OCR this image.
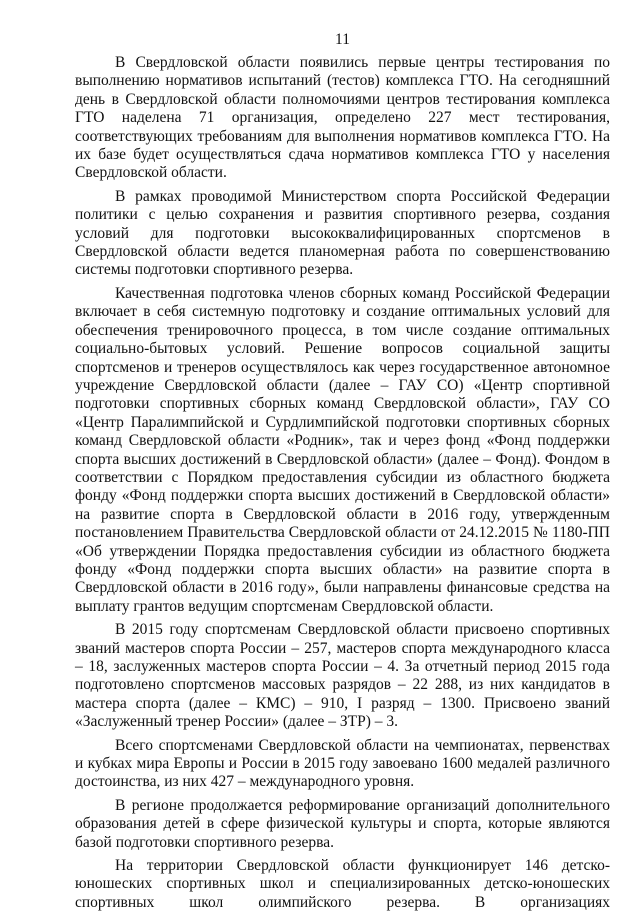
11

В Свердловской области появились первые центры тестирования по выполнению нормативов испытаний (тестов) комплекса ГТО. На сегодняшний день в Свердловской области полномочиями центров тестирования комплекса ГТО наделена 71 организация, определено 227 мест тестирования, соответствующих требованиям для выполнения нормативов комплекса ГТО. На их базе будет осуществляться сдача нормативов комплекса ГТО у населения Свердловской области.

В рамках проводимой Министерством спорта Российской Федерации политики с целью сохранения и развития спортивного резерва, создания условий для подготовки высококвалифицированных спортсменов в Свердловской области ведется планомерная работа по совершенствованию системы подготовки спортивного резерва.

Качественная подготовка членов сборных команд Российской Федерации включает в себя системную подготовку и создание оптимальных условий для обеспечения тренировочного процесса, в том числе создание оптимальных социально-бытовых условий. Решение вопросов социальной защиты спортсменов и тренеров осуществлялось как через государственное автономное учреждение Свердловской области (далее – ГАУ СО) «Центр спортивной подготовки спортивных сборных команд Свердловской области», ГАУ СО «Центр Паралимпийской и Сурдлимпийской подготовки спортивных сборных команд Свердловской области «Родник», так и через фонд «Фонд поддержки спорта высших достижений в Свердловской области» (далее – Фонд). Фондом в соответствии с Порядком предоставления субсидии из областного бюджета фонду «Фонд поддержки спорта высших достижений в Свердловской области» на развитие спорта в Свердловской области в 2016 году, утвержденным постановлением Правительства Свердловской области от 24.12.2015 № 1180-ПП «Об утверждении Порядка предоставления субсидии из областного бюджета фонду «Фонд поддержки спорта высших области» на развитие спорта в Свердловской области в 2016 году», были направлены финансовые средства на выплату грантов ведущим спортсменам Свердловской области.

В 2015 году спортсменам Свердловской области присвоено спортивных званий мастеров спорта России – 257, мастеров спорта международного класса – 18, заслуженных мастеров спорта России – 4. За отчетный период 2015 года подготовлено спортсменов массовых разрядов – 22 288, из них кандидатов в мастера спорта (далее – КМС) – 910, I разряд – 1300. Присвоено званий «Заслуженный тренер России» (далее – ЗТР) – 3.

Всего спортсменами Свердловской области на чемпионатах, первенствах и кубках мира Европы и России в 2015 году завоевано 1600 медалей различного достоинства, из них 427 – международного уровня.

В регионе продолжается реформирование организаций дополнительного образования детей в сфере физической культуры и спорта, которые являются базой подготовки спортивного резерва.

На территории Свердловской области функционирует 146 детско-юношеских спортивных школ и специализированных детско-юношеских спортивных школ олимпийского резерва. В организациях
